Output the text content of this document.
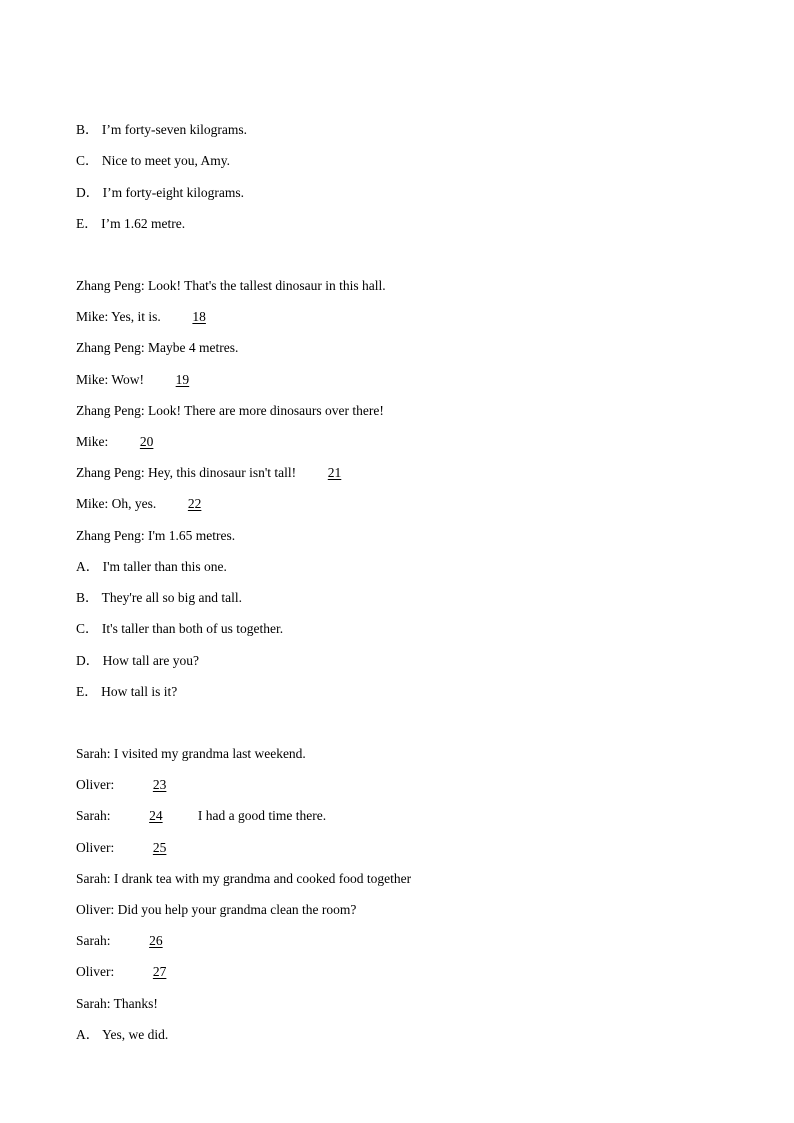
B． I’m forty-seven kilograms.
C． Nice to meet you, Amy.
D． I’m forty-eight kilograms.
E． I’m 1.62 metre.
Zhang Peng: Look! That's the tallest dinosaur in this hall.
Mike: Yes, it is. 18
Zhang Peng: Maybe 4 metres.
Mike: Wow! 19
Zhang Peng: Look! There are more dinosaurs over there!
Mike: 20
Zhang Peng: Hey, this dinosaur isn't tall! 21
Mike: Oh, yes. 22
Zhang Peng: I'm 1.65 metres.
A． I'm taller than this one.
B． They're all so big and tall.
C． It's taller than both of us together.
D． How tall are you?
E． How tall is it?
Sarah: I visited my grandma last weekend.
Oliver:	23
Sarah:	24	I had a good time there.
Oliver:	25
Sarah: I drank tea with my grandma and cooked food together
Oliver: Did you help your grandma clean the room?
Sarah:	26
Oliver:	27
Sarah: Thanks!
A． Yes, we did.
